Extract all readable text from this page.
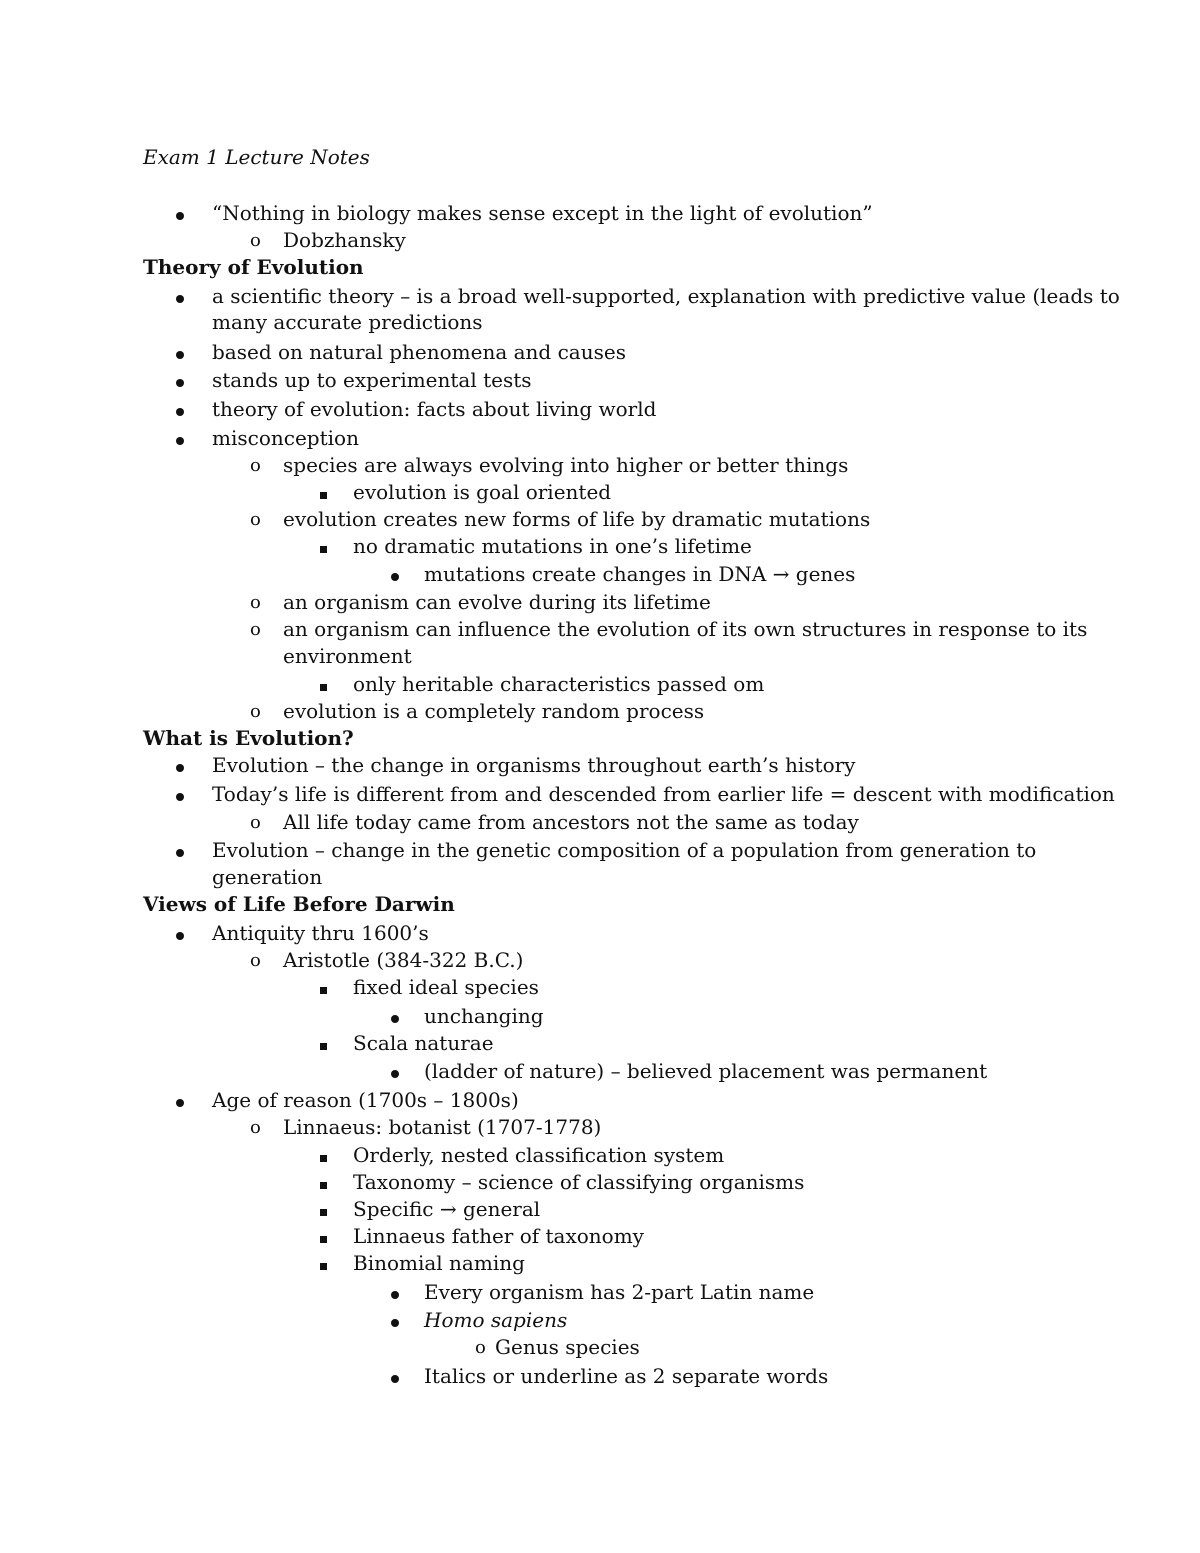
Exam 1 Lecture Notes
“Nothing in biology makes sense except in the light of evolution”
o Dobzhansky
Theory of Evolution
a scientific theory – is a broad well-supported, explanation with predictive value (leads to
many accurate predictions
based on natural phenomena and causes
stands up to experimental tests
theory of evolution: facts about living world
misconception
o species are always evolving into higher or better things
evolution is goal oriented
o evolution creates new forms of life by dramatic mutations
no dramatic mutations in one’s lifetime
mutations create changes in DNA → genes
o an organism can evolve during its lifetime
o an organism can influence the evolution of its own structures in response to its
environment
only heritable characteristics passed om
o evolution is a completely random process
What is Evolution?
Evolution – the change in organisms throughout earth’s history
Today’s life is different from and descended from earlier life = descent with modification
o All life today came from ancestors not the same as today
Evolution – change in the genetic composition of a population from generation to
generation
Views of Life Before Darwin
Antiquity thru 1600’s
o Aristotle (384-322 B.C.)
fixed ideal species
unchanging
Scala naturae
(ladder of nature) – believed placement was permanent
Age of reason (1700s – 1800s)
o Linnaeus: botanist (1707-1778)
Orderly, nested classification system
Taxonomy – science of classifying organisms
Specific → general
Linnaeus father of taxonomy
Binomial naming
Every organism has 2-part Latin name
Homo sapiens
o Genus species
Italics or underline as 2 separate words
